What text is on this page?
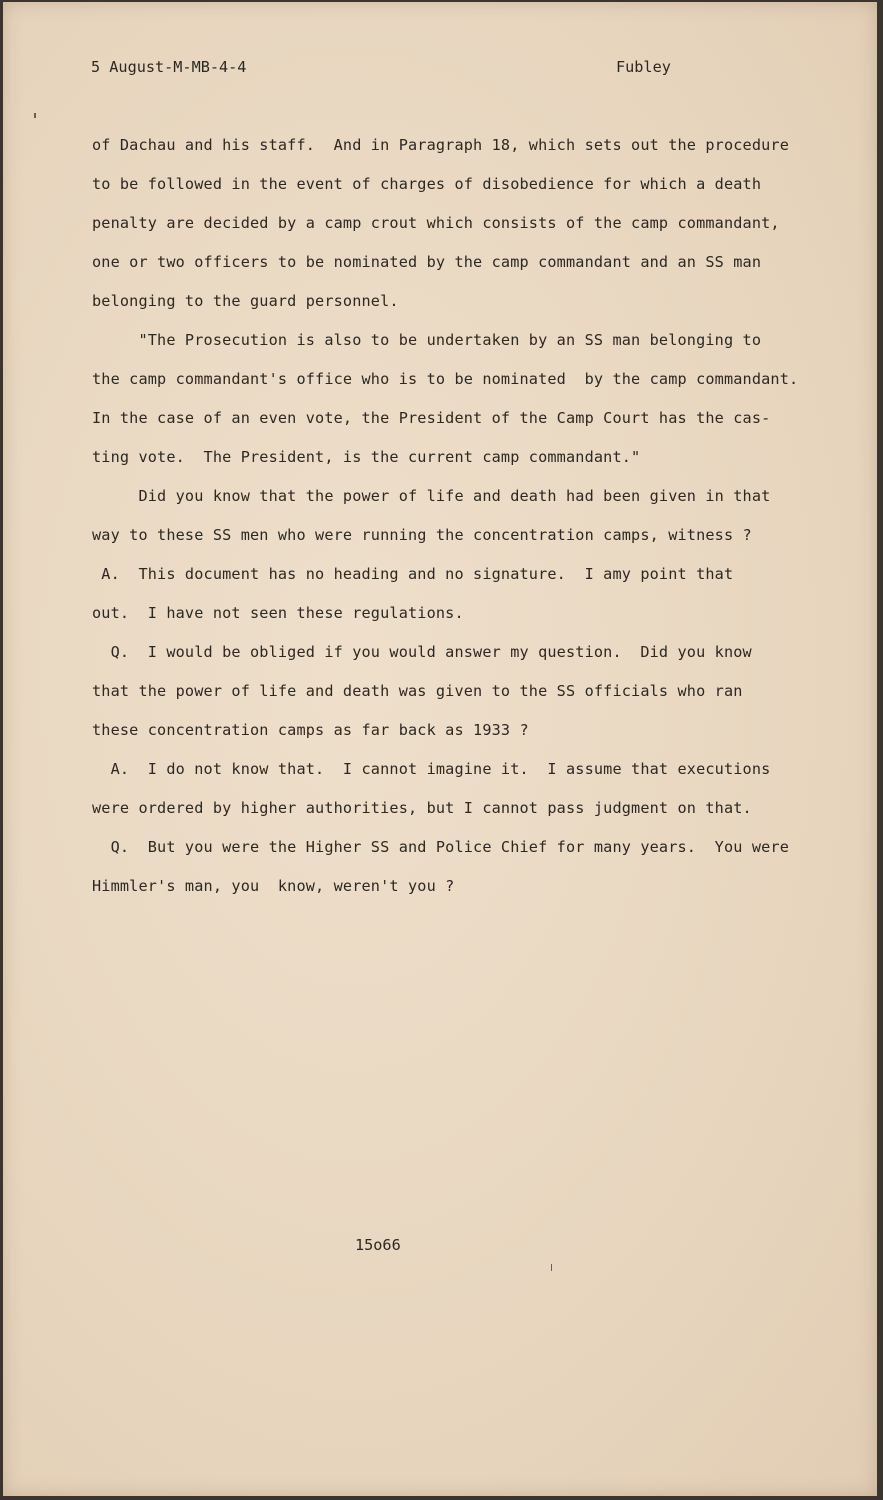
5 August-M-MB-4-4	Fubley

of Dachau and his staff.  And in Paragraph 18, which sets out the procedure
to be followed in the event of charges of disobedience for which a death
penalty are decided by a camp crout which consists of the camp commandant,
one or two officers to be nominated by the camp commandant and an SS man
belonging to the guard personnel.
"The Prosecution is also to be undertaken by an SS man belonging to
the camp commandant's office who is to be nominated  by the camp commandant.
In the case of an even vote, the President of the Camp Court has the cas-
ting vote.  The President, is the current camp commandant."
Did you know that the power of life and death had been given in that
way to these SS men who were running the concentration camps, witness ?
A.  This document has no heading and no signature.  I amy point that
out.  I have not seen these regulations.
Q.  I would be obliged if you would answer my question.  Did you know
that the power of life and death was given to the SS officials who ran
these concentration camps as far back as 1933 ?
A.  I do not know that.  I cannot imagine it.  I assume that executions
were ordered by higher authorities, but I cannot pass judgment on that.
Q.  But you were the Higher SS and Police Chief for many years.  You were
Himmler's man, you  know, weren't you ?

15o66
